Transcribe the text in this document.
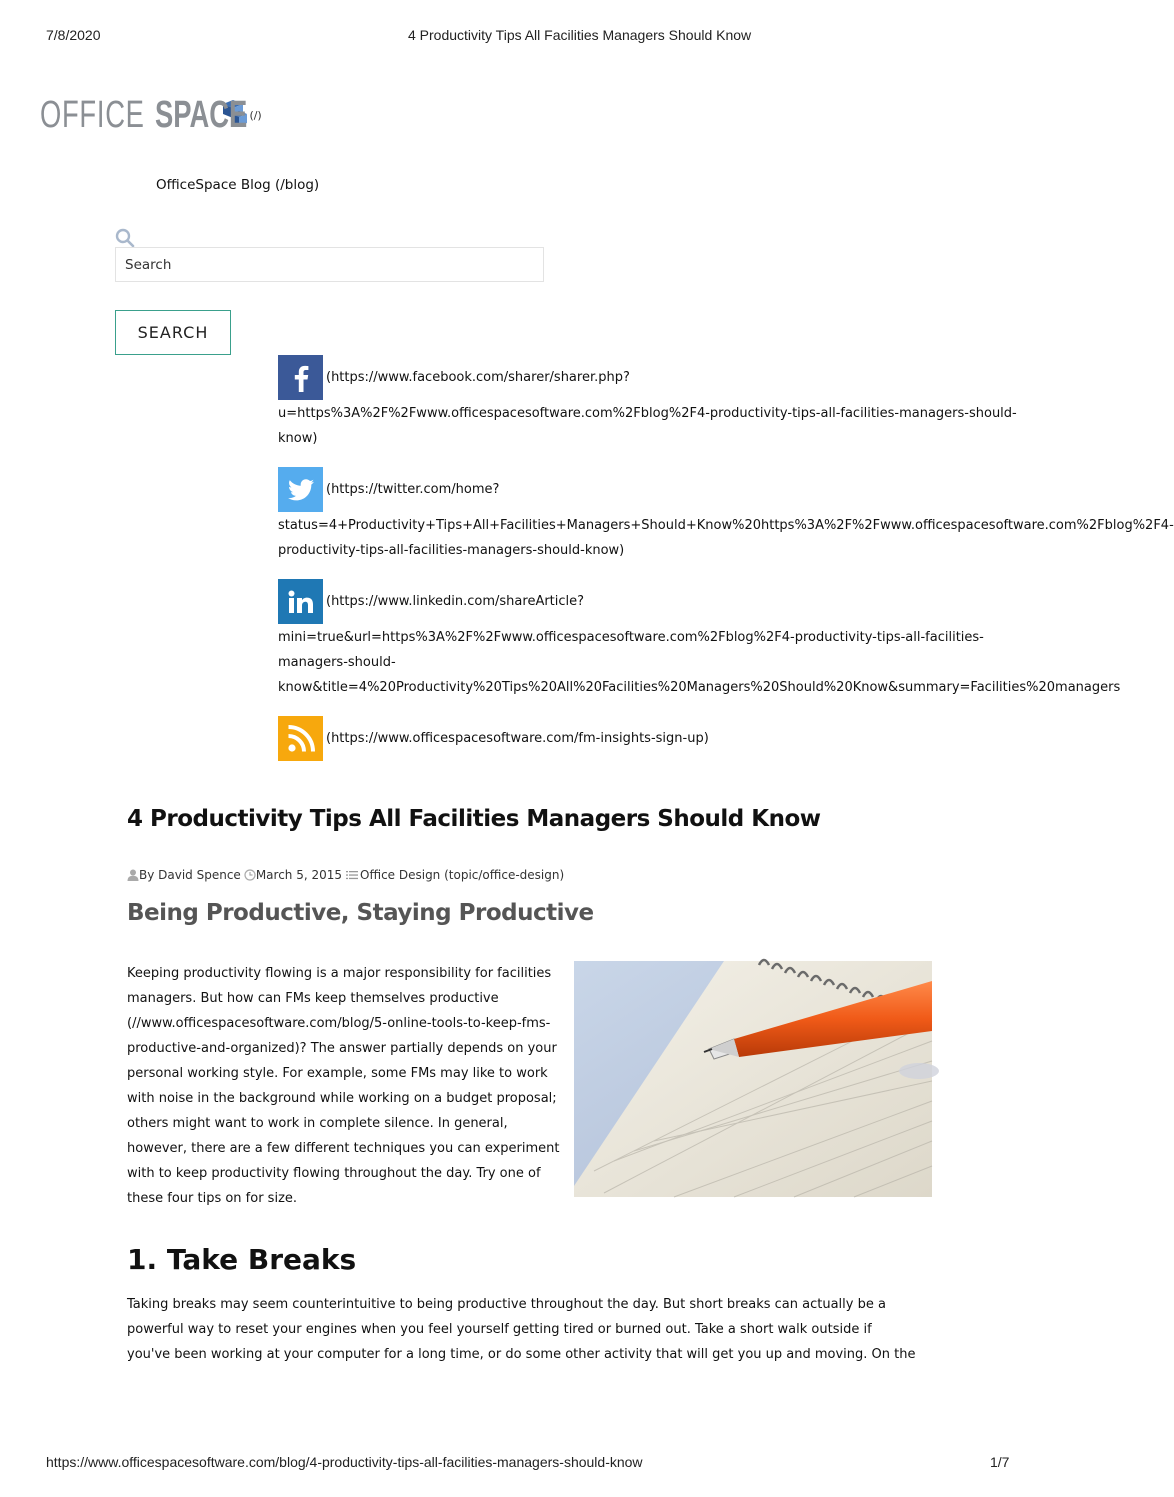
7/8/2020	4 Productivity Tips All Facilities Managers Should Know
OFFICE SPACE (/)
OfficeSpace Blog (/blog)
Search
SEARCH
(https://www.facebook.com/sharer/sharer.php?
u=https%3A%2F%2Fwww.officespacesoftware.com%2Fblog%2F4-productivity-tips-all-facilities-managers-should-
know)
(https://twitter.com/home?
status=4+Productivity+Tips+All+Facilities+Managers+Should+Know%20https%3A%2F%2Fwww.officespacesoftware.com%2Fblog%2F4-
productivity-tips-all-facilities-managers-should-know)
(https://www.linkedin.com/shareArticle?
mini=true&url=https%3A%2F%2Fwww.officespacesoftware.com%2Fblog%2F4-productivity-tips-all-facilities-
managers-should-
know&title=4%20Productivity%20Tips%20All%20Facilities%20Managers%20Should%20Know&summary=Facilities%20managers
(https://www.officespacesoftware.com/fm-insights-sign-up)
4 Productivity Tips All Facilities Managers Should Know
By David Spence March 5, 2015 Office Design (topic/office-design)
Being Productive, Staying Productive
Keeping productivity flowing is a major responsibility for facilities
managers. But how can FMs keep themselves productive
(//www.officespacesoftware.com/blog/5-online-tools-to-keep-fms-
productive-and-organized)? The answer partially depends on your
personal working style. For example, some FMs may like to work
with noise in the background while working on a budget proposal;
others might want to work in complete silence. In general,
however, there are a few different techniques you can experiment
with to keep productivity flowing throughout the day. Try one of
these four tips on for size.
1. Take Breaks
Taking breaks may seem counterintuitive to being productive throughout the day. But short breaks can actually be a
powerful way to reset your engines when you feel yourself getting tired or burned out. Take a short walk outside if
you've been working at your computer for a long time, or do some other activity that will get you up and moving. On the
https://www.officespacesoftware.com/blog/4-productivity-tips-all-facilities-managers-should-know	1/7
